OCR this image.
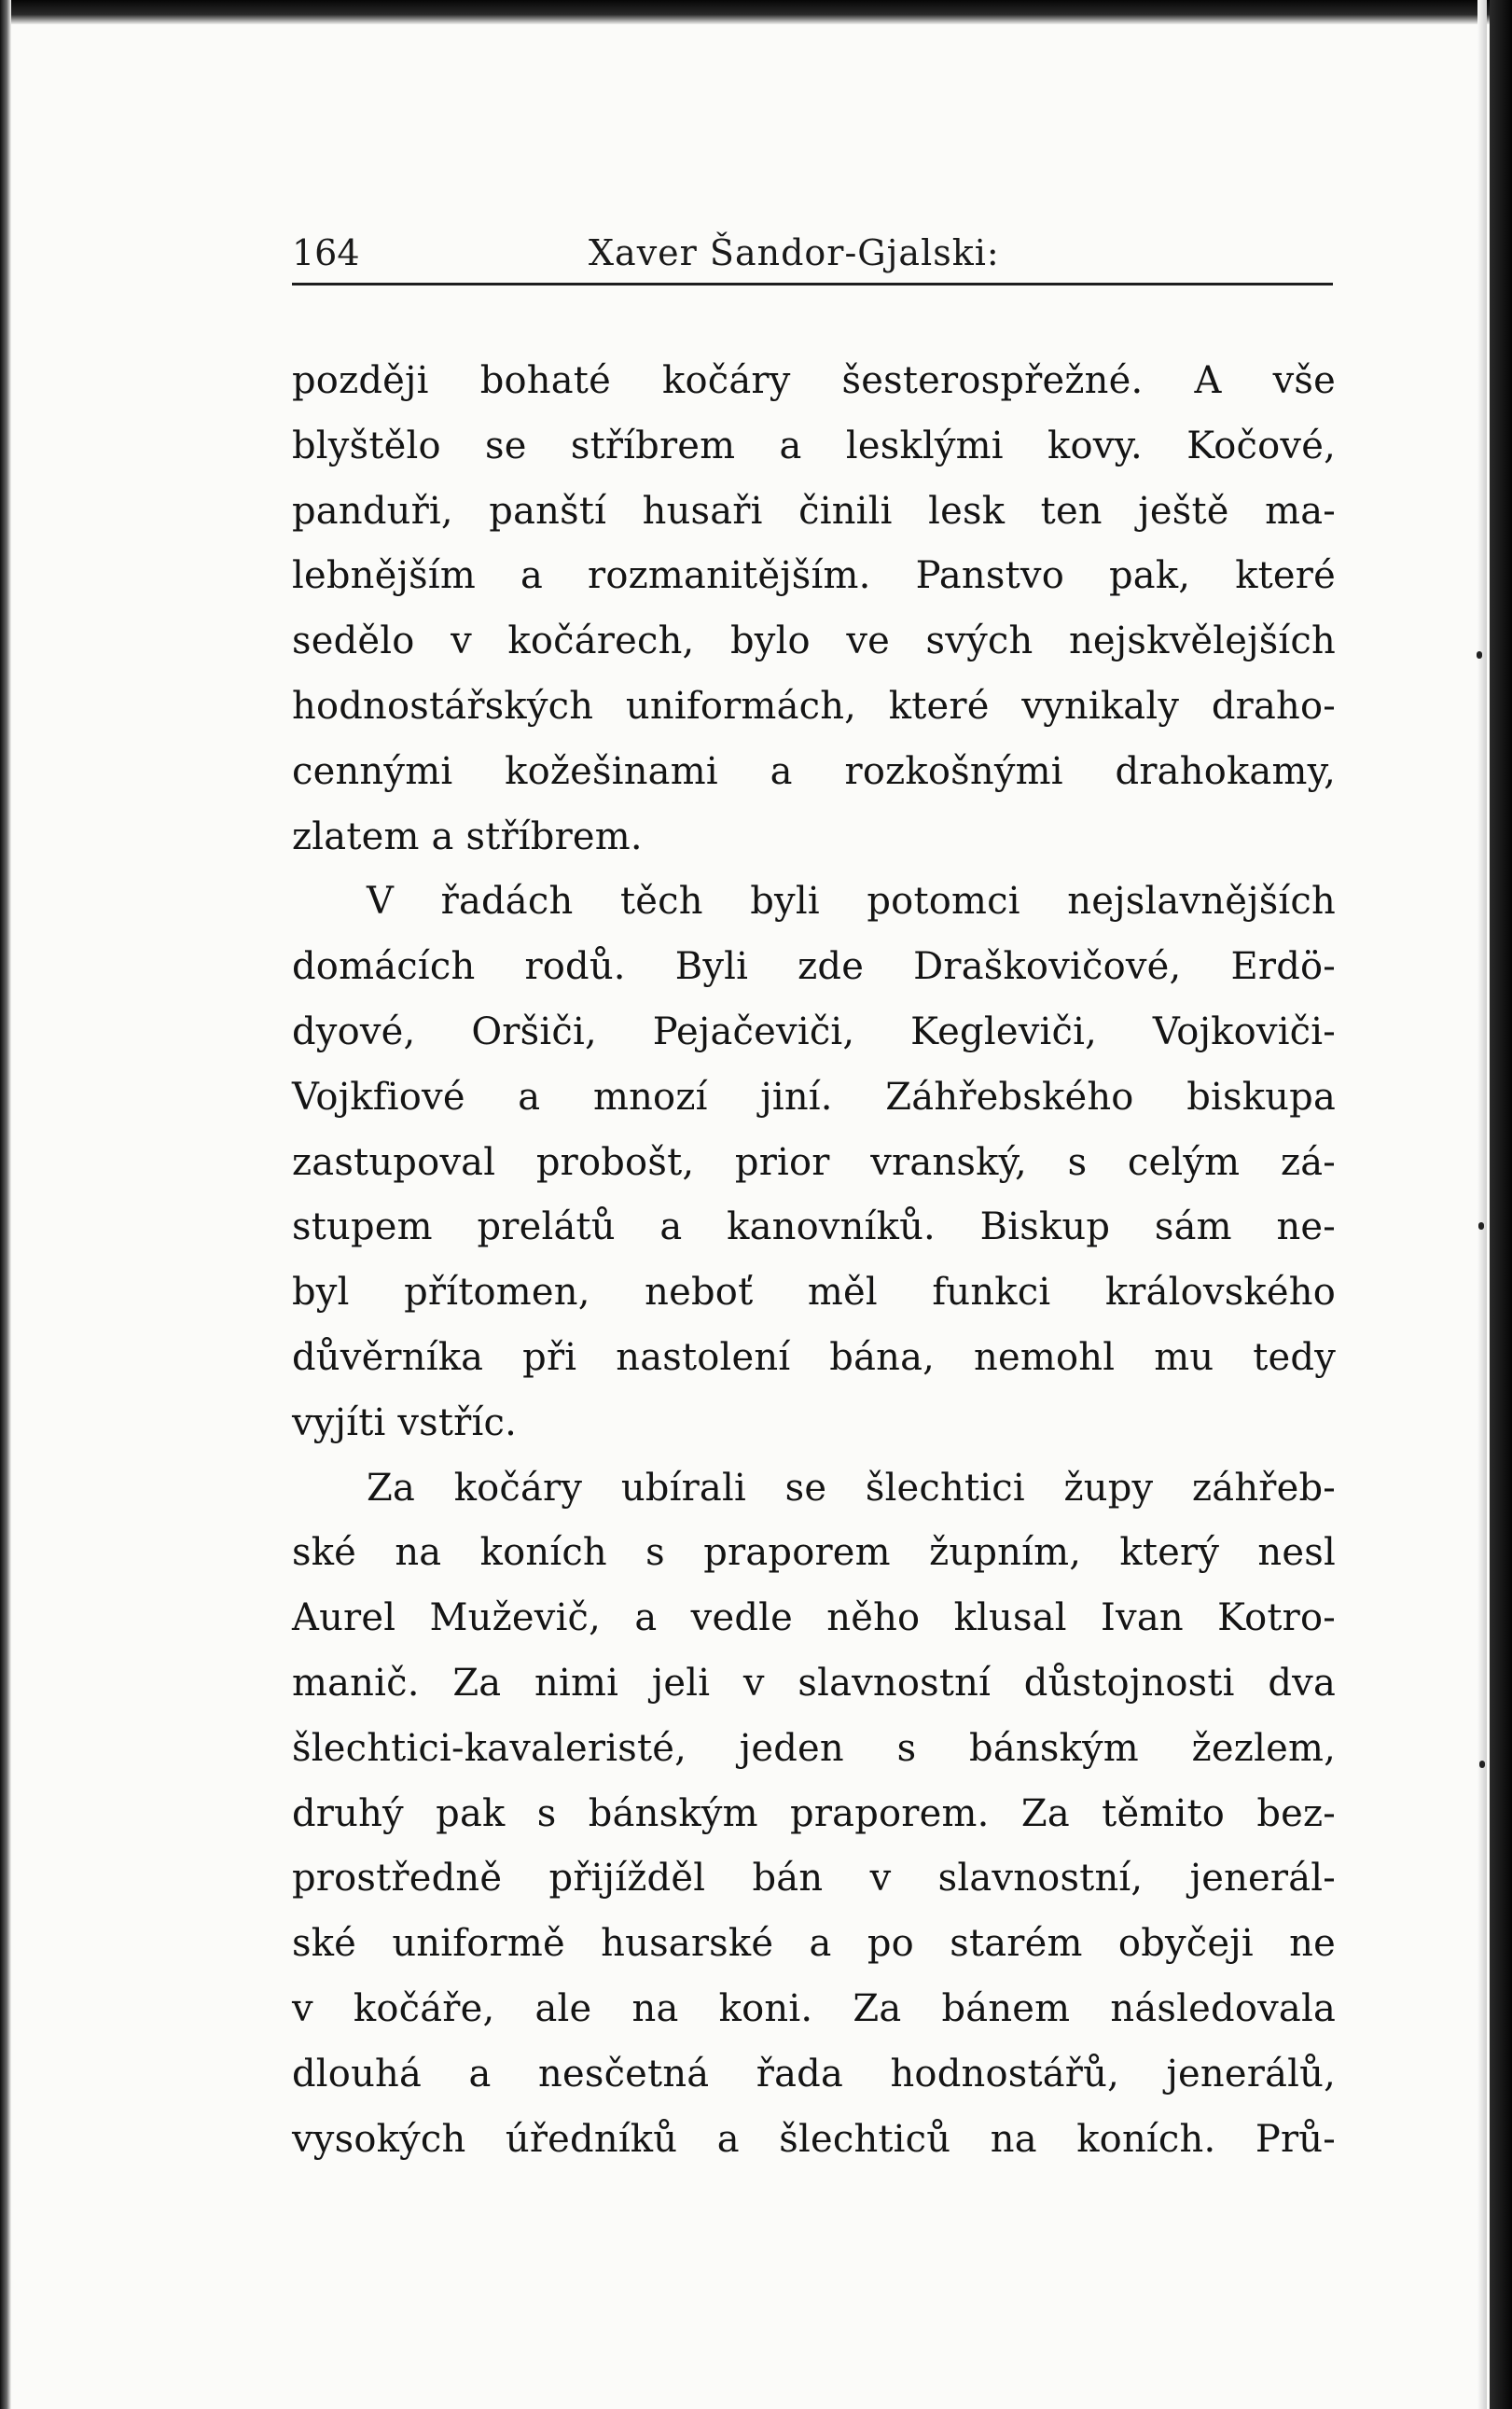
164	Xaver Šandor-Gjalski:
později bohaté kočáry šesterospřežné. A vše
blyštělo se stříbrem a lesklými kovy. Kočové,
panduři, panští husaři činili lesk ten ještě ma-
lebnějším a rozmanitějším. Panstvo pak, které
sedělo v kočárech, bylo ve svých nejskvělejších
hodnostářských uniformách, které vynikaly draho-
cennými kožešinami a rozkošnými drahokamy,
zlatem a stříbrem.
V řadách těch byli potomci nejslavnějších
domácích rodů. Byli zde Draškovičové, Erdö-
dyové, Oršiči, Pejačeviči, Kegleviči, Vojkoviči-
Vojkfiové a mnozí jiní. Záhřebského biskupa
zastupoval probošt, prior vranský, s celým zá-
stupem prelátů a kanovníků. Biskup sám ne-
byl přítomen, neboť měl funkci královského
důvěrníka při nastolení bána, nemohl mu tedy
vyjíti vstříc.
Za kočáry ubírali se šlechtici župy záhřeb-
ské na koních s praporem župním, který nesl
Aurel Muževič, a vedle něho klusal Ivan Kotro-
manič. Za nimi jeli v slavnostní důstojnosti dva
šlechtici-kavaleristé, jeden s bánským žezlem,
druhý pak s bánským praporem. Za těmito bez-
prostředně přijížděl bán v slavnostní, jenerál-
ské uniformě husarské a po starém obyčeji ne
v kočáře, ale na koni. Za bánem následovala
dlouhá a nesčetná řada hodnostářů, jenerálů,
vysokých úředníků a šlechticů na koních. Prů-
